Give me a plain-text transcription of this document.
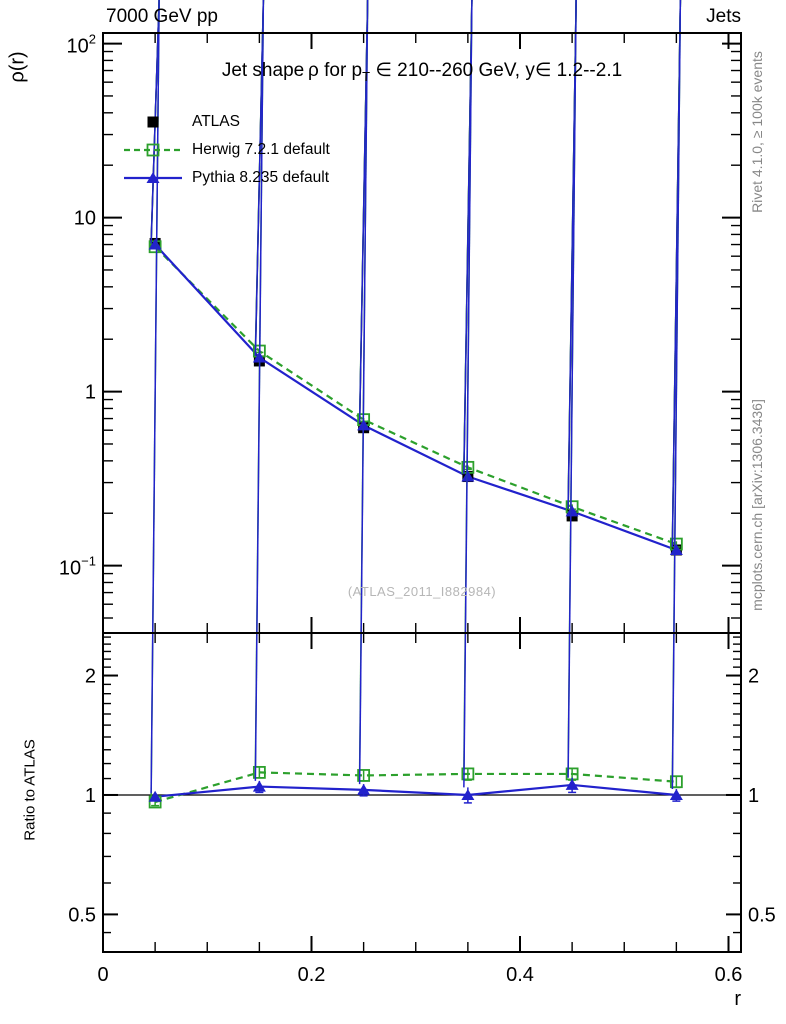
$10^2$
10
1
$10^{-1}$
2	2
1	1
0.5	0.5
0	0.2	0.4	0.6
7000 GeV pp	Jets
Jet shape ρ for $p_T$ ∈ 210--260 GeV, y∈ 1.2--2.1
ρ(r)
Ratio to ATLAS
r
(ATLAS_2011_I882984)
Rivet 4.1.0, ≥ 100k events
mcplots.cern.ch [arXiv:1306.3436]
ATLAS
Herwig 7.2.1 default
Pythia 8.235 default
